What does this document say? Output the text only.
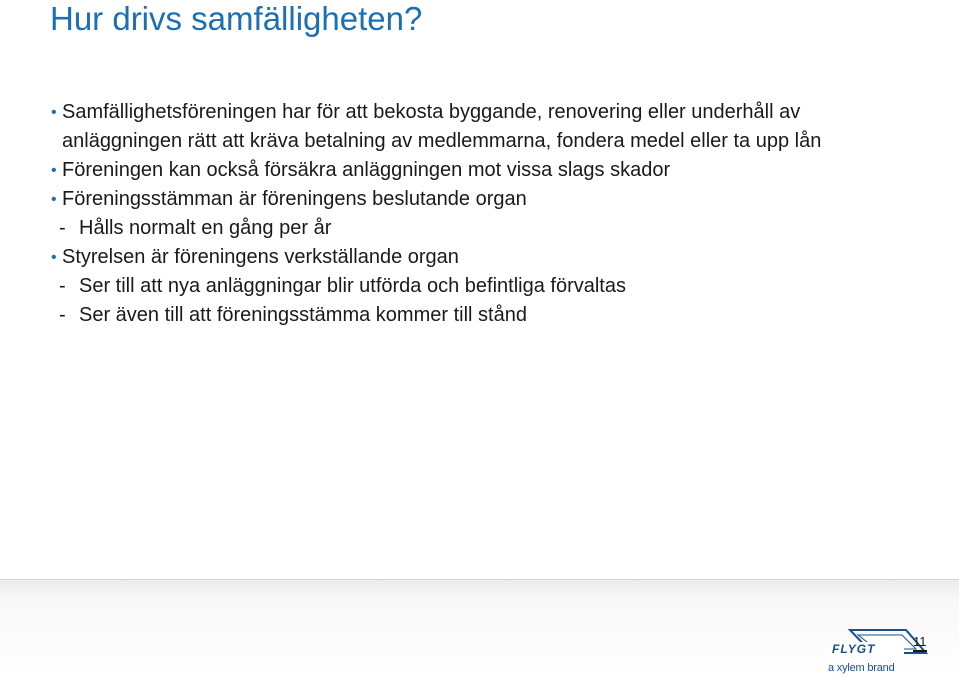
Hur drivs samfälligheten?
• Samfällighetsföreningen har för att bekosta byggande, renovering eller underhåll av anläggningen rätt att kräva betalning av medlemmarna, fondera medel eller ta upp lån
• Föreningen kan också försäkra anläggningen mot vissa slags skador
• Föreningsstämman är föreningens beslutande organ
- Hålls normalt en gång per år
• Styrelsen är föreningens verkställande organ
- Ser till att nya anläggningar blir utförda och befintliga förvaltas
- Ser även till att föreningsstämma kommer till stånd
FLYGT
a xylem brand
11
